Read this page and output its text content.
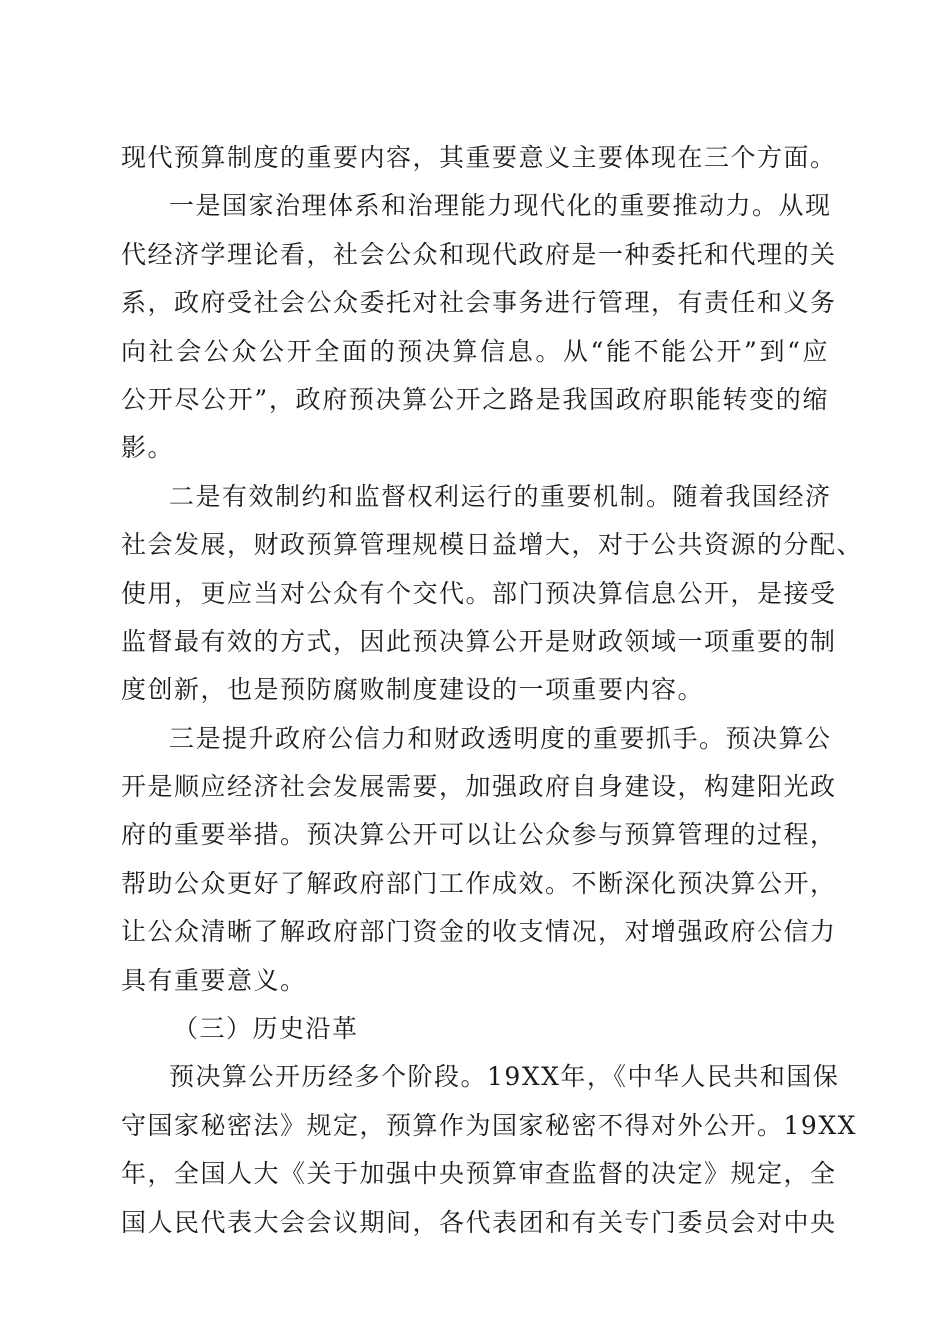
现代预算制度的重要内容，其重要意义主要体现在三个方面。
一是国家治理体系和治理能力现代化的重要推动力。从现
代经济学理论看，社会公众和现代政府是一种委托和代理的关
系，政府受社会公众委托对社会事务进行管理，有责任和义务
向社会公众公开全面的预决算信息。从“能不能公开”到“应
公开尽公开”，政府预决算公开之路是我国政府职能转变的缩
影。
二是有效制约和监督权利运行的重要机制。随着我国经济
社会发展，财政预算管理规模日益增大，对于公共资源的分配、
使用，更应当对公众有个交代。部门预决算信息公开，是接受
监督最有效的方式，因此预决算公开是财政领域一项重要的制
度创新，也是预防腐败制度建设的一项重要内容。
三是提升政府公信力和财政透明度的重要抓手。预决算公
开是顺应经济社会发展需要，加强政府自身建设，构建阳光政
府的重要举措。预决算公开可以让公众参与预算管理的过程，
帮助公众更好了解政府部门工作成效。不断深化预决算公开，
让公众清晰了解政府部门资金的收支情况，对增强政府公信力
具有重要意义。
（三）历史沿革
预决算公开历经多个阶段。19XX年，《中华人民共和国保
守国家秘密法》规定，预算作为国家秘密不得对外公开。19XX
年，全国人大《关于加强中央预算审查监督的决定》规定，全
国人民代表大会会议期间，各代表团和有关专门委员会对中央
